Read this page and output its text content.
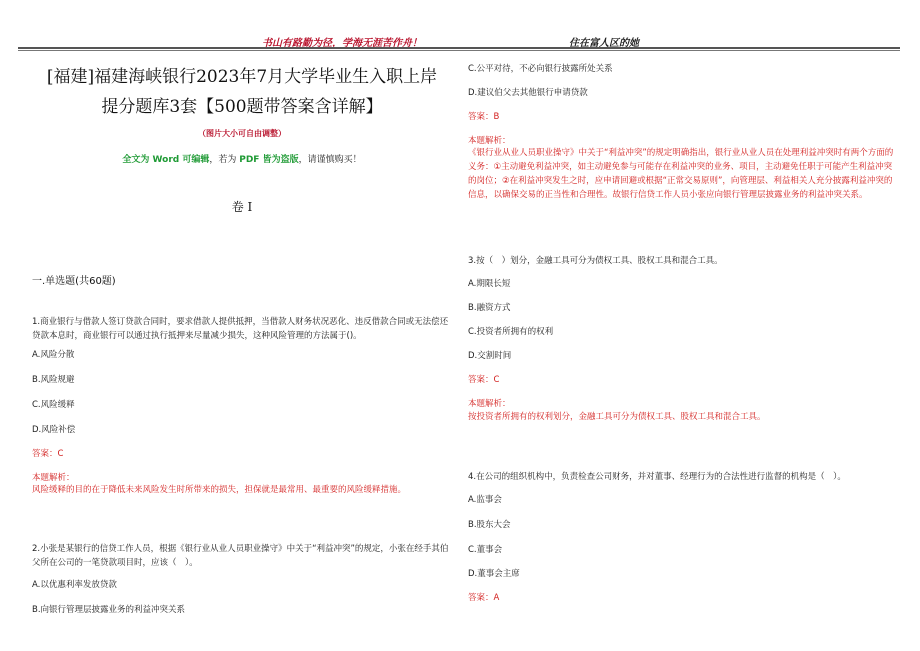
书山有路勤为径，学海无涯苦作舟！	住在富人区的她
[福建]福建海峡银行2023年7月大学毕业生入职上岸
提分题库3套【500题带答案含详解】
（图片大小可自由调整）
全文为 Word 可编辑，若为 PDF 皆为盗版，请谨慎购买！
卷 I
一.单选题(共60题)
1.商业银行与借款人签订贷款合同时，要求借款人提供抵押，当借款人财务状况恶化、违反借款合同或无法偿还贷款本息时，商业银行可以通过执行抵押来尽量减少损失，这种风险管理的方法属于()。
A.风险分散
B.风险规避
C.风险缓释
D.风险补偿
答案：C
本题解析：
风险缓释的目的在于降低未来风险发生时所带来的损失，担保就是最常用、最重要的风险缓释措施。
2.小张是某银行的信贷工作人员，根据《银行业从业人员职业操守》中关于“利益冲突”的规定，小张在经手其伯父所在公司的一笔贷款项目时，应该（　）。
A.以优惠利率发放贷款
B.向银行管理层披露业务的利益冲突关系
C.公平对待，不必向银行披露所处关系
D.建议伯父去其他银行申请贷款
答案：B
本题解析：
《银行业从业人员职业操守》中关于“利益冲突”的规定明确指出，银行业从业人员在处理利益冲突时有两个方面的义务：①主动避免利益冲突，如主动避免参与可能存在利益冲突的业务、项目，主动避免任职于可能产生利益冲突的岗位；②在利益冲突发生之时，应申请回避或根据“正常交易原则”，向管理层、利益相关人充分披露利益冲突的信息，以确保交易的正当性和合理性。故银行信贷工作人员小张应向银行管理层披露业务的利益冲突关系。
3.按（　）划分，金融工具可分为债权工具、股权工具和混合工具。
A.期限长短
B.融资方式
C.投资者所拥有的权利
D.交割时间
答案：C
本题解析：
按投资者所拥有的权利划分，金融工具可分为债权工具、股权工具和混合工具。
4.在公司的组织机构中，负责检查公司财务，并对董事、经理行为的合法性进行监督的机构是（　）。
A.监事会
B.股东大会
C.董事会
D.董事会主席
答案：A
